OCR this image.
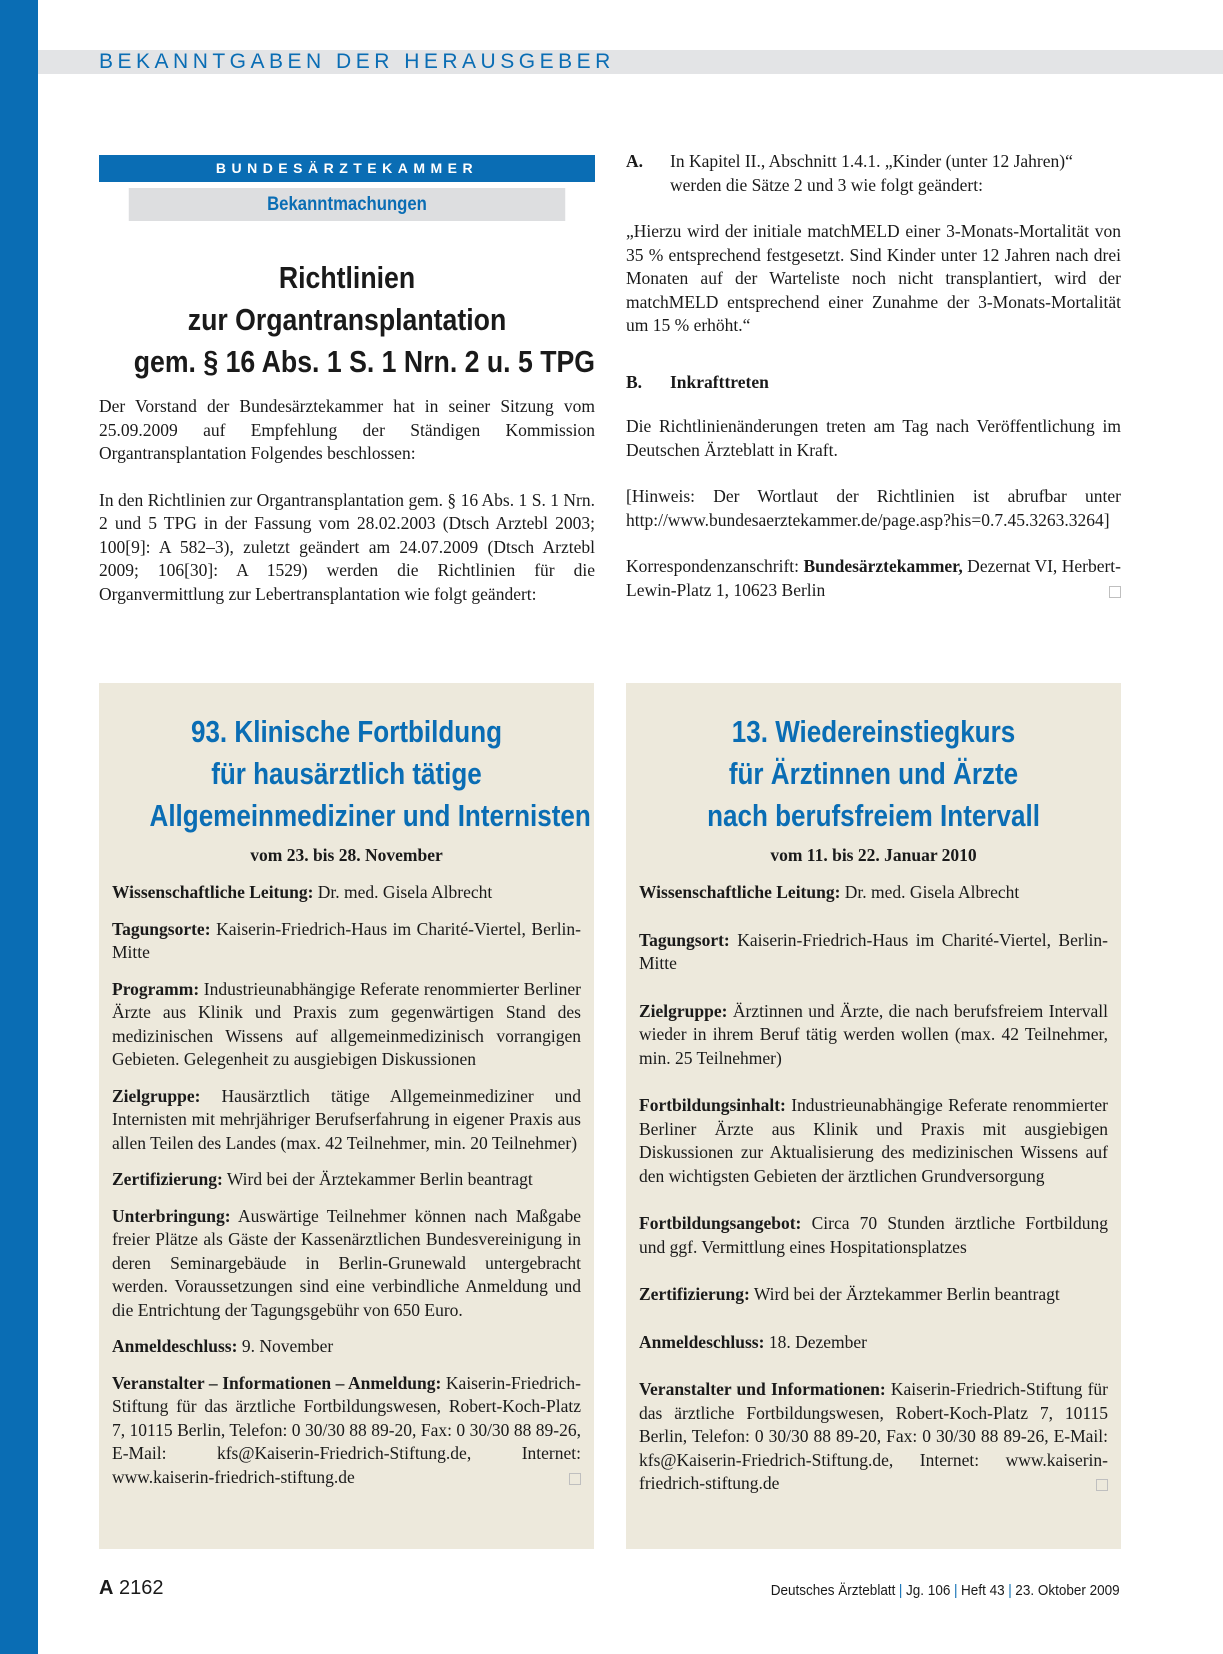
BEKANNTGABEN DER HERAUSGEBER
BUNDESÄRZTEKAMMER
Bekanntmachungen
Richtlinien
zur Organtransplantation
gem. § 16 Abs. 1 S. 1 Nrn. 2 u. 5 TPG

Der Vorstand der Bundesärztekammer hat in seiner Sitzung vom 25.09.2009 auf Empfehlung der Ständigen Kommission Organtransplantation Folgendes beschlossen:

In den Richtlinien zur Organtransplantation gem. § 16 Abs. 1 S. 1 Nrn. 2 und 5 TPG in der Fassung vom 28.02.2003 (Dtsch Arztebl 2003; 100[9]: A 582–3), zuletzt geändert am 24.07.2009 (Dtsch Arztebl 2009; 106[30]: A 1529) werden die Richtlinien für die Organvermittlung zur Lebertransplantation wie folgt geändert:

A. In Kapitel II., Abschnitt 1.4.1. „Kinder (unter 12 Jahren)“ werden die Sätze 2 und 3 wie folgt geändert:

„Hierzu wird der initiale matchMELD einer 3-Monats-Mortalität von 35 % entsprechend festgesetzt. Sind Kinder unter 12 Jahren nach drei Monaten auf der Warteliste noch nicht transplantiert, wird der matchMELD entsprechend einer Zunahme der 3-Monats-Mortalität um 15 % erhöht.“

B. Inkrafttreten

Die Richtlinienänderungen treten am Tag nach Veröffentlichung im Deutschen Ärzteblatt in Kraft.

[Hinweis: Der Wortlaut der Richtlinien ist abrufbar unter http://www.bundesaerztekammer.de/page.asp?his=0.7.45.3263.3264]

Korrespondenzanschrift: Bundesärztekammer, Dezernat VI, Herbert-Lewin-Platz 1, 10623 Berlin

93. Klinische Fortbildung
für hausärztlich tätige
Allgemeinmediziner und Internisten
vom 23. bis 28. November

Wissenschaftliche Leitung: Dr. med. Gisela Albrecht

Tagungsorte: Kaiserin-Friedrich-Haus im Charité-Viertel, Berlin-Mitte

Programm: Industrieunabhängige Referate renommierter Berliner Ärzte aus Klinik und Praxis zum gegenwärtigen Stand des medizinischen Wissens auf allgemeinmedizinisch vorrangigen Gebieten. Gelegenheit zu ausgiebigen Diskussionen

Zielgruppe: Hausärztlich tätige Allgemeinmediziner und Internisten mit mehrjähriger Berufserfahrung in eigener Praxis aus allen Teilen des Landes (max. 42 Teilnehmer, min. 20 Teilnehmer)

Zertifizierung: Wird bei der Ärztekammer Berlin beantragt

Unterbringung: Auswärtige Teilnehmer können nach Maßgabe freier Plätze als Gäste der Kassenärztlichen Bundesvereinigung in deren Seminargebäude in Berlin-Grunewald untergebracht werden. Voraussetzungen sind eine verbindliche Anmeldung und die Entrichtung der Tagungsgebühr von 650 Euro.

Anmeldeschluss: 9. November

Veranstalter – Informationen – Anmeldung: Kaiserin-Friedrich-Stiftung für das ärztliche Fortbildungswesen, Robert-Koch-Platz 7, 10115 Berlin, Telefon: 0 30/30 88 89-20, Fax: 0 30/30 88 89-26, E-Mail: kfs@Kaiserin-Friedrich-Stiftung.de, Internet: www.kaiserin-friedrich-stiftung.de

13. Wiedereinstiegkurs
für Ärztinnen und Ärzte
nach berufsfreiem Intervall
vom 11. bis 22. Januar 2010

Wissenschaftliche Leitung: Dr. med. Gisela Albrecht

Tagungsort: Kaiserin-Friedrich-Haus im Charité-Viertel, Berlin-Mitte

Zielgruppe: Ärztinnen und Ärzte, die nach berufsfreiem Intervall wieder in ihrem Beruf tätig werden wollen (max. 42 Teilnehmer, min. 25 Teilnehmer)

Fortbildungsinhalt: Industrieunabhängige Referate renommierter Berliner Ärzte aus Klinik und Praxis mit ausgiebigen Diskussionen zur Aktualisierung des medizinischen Wissens auf den wichtigsten Gebieten der ärztlichen Grundversorgung

Fortbildungsangebot: Circa 70 Stunden ärztliche Fortbildung und ggf. Vermittlung eines Hospitationsplatzes

Zertifizierung: Wird bei der Ärztekammer Berlin beantragt

Anmeldeschluss: 18. Dezember

Veranstalter und Informationen: Kaiserin-Friedrich-Stiftung für das ärztliche Fortbildungswesen, Robert-Koch-Platz 7, 10115 Berlin, Telefon: 0 30/30 88 89-20, Fax: 0 30/30 88 89-26, E-Mail: kfs@Kaiserin-Friedrich-Stiftung.de, Internet: www.kaiserin-friedrich-stiftung.de

A 2162	Deutsches Ärzteblatt | Jg. 106 | Heft 43 | 23. Oktober 2009
